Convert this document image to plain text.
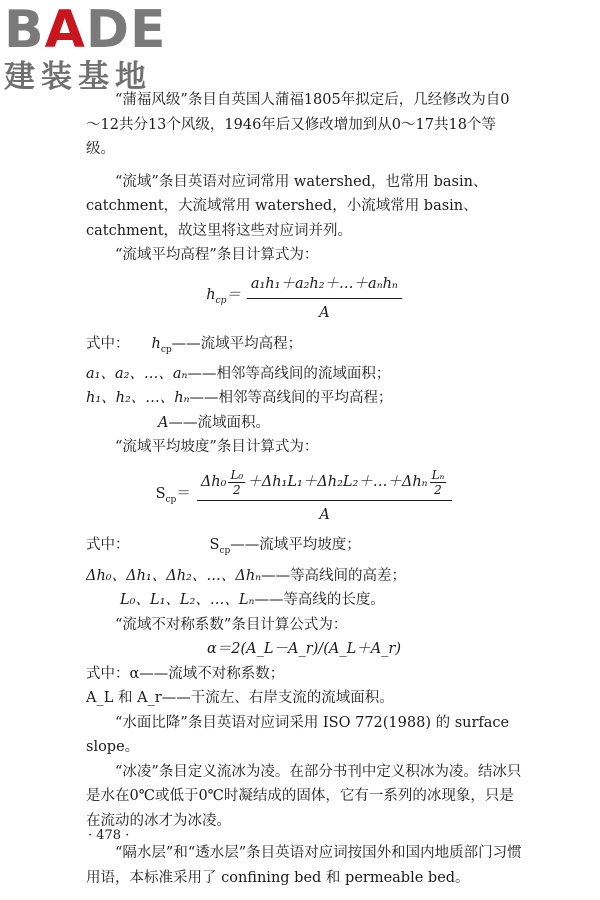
BADE
建装基地

“蒲福风级”条目自英国人蒲福1805年拟定后，几经修改为自0～12共分13个风级，1946年后又修改增加到从0～17共18个等级。

“流域”条目英语对应词常用 watershed，也常用 basin、catchment，大流域常用 watershed，小流域常用 basin、catchment，故这里将这些对应词并列。

“流域平均高程”条目计算式为：

$h_{cp}= \frac{\text{a₁h₁＋a₂h₂＋…＋aₙhₙ}}{A}$

式中： $h_{cp}——$流域平均高程；

a₁、a₂、…、aₙ——相邻等高线间的流域面积；

h₁、h₂、…、hₙ——相邻等高线间的平均高程；

A——流域面积。

“流域平均坡度”条目计算式为：

$S_{cp}= \Delta h_0$ L₀
2 ＋Δh₁L₁＋Δh₂L₂＋…＋Δhₙ Lₙ
2
A

式中：	$S_{cp}——$流域平均坡度；

Δh₀、Δh₁、Δh₂、…、Δhₙ——等高线间的高差；

L₀、L₁、L₂、…、Lₙ——等高线的长度。

“流域不对称系数”条目计算公式为：

α＝2(A_L－A_r)/(A_L＋A_r)

式中：α——流域不对称系数；

A_L 和 A_r——干流左、右岸支流的流域面积。

“水面比降”条目英语对应词采用 ISO 772(1988) 的 surface slope。

“冰凌”条目定义流冰为凌。在部分书刊中定义积冰为凌。结冰只是水在0℃或低于0℃时凝结成的固体，它有一系列的冰现象，只是在流动的冰才为冰凌。

“隔水层”和“透水层”条目英语对应词按国外和国内地质部门习惯用语，本标准采用了 confining bed 和 permeable bed。

· 478 ·
